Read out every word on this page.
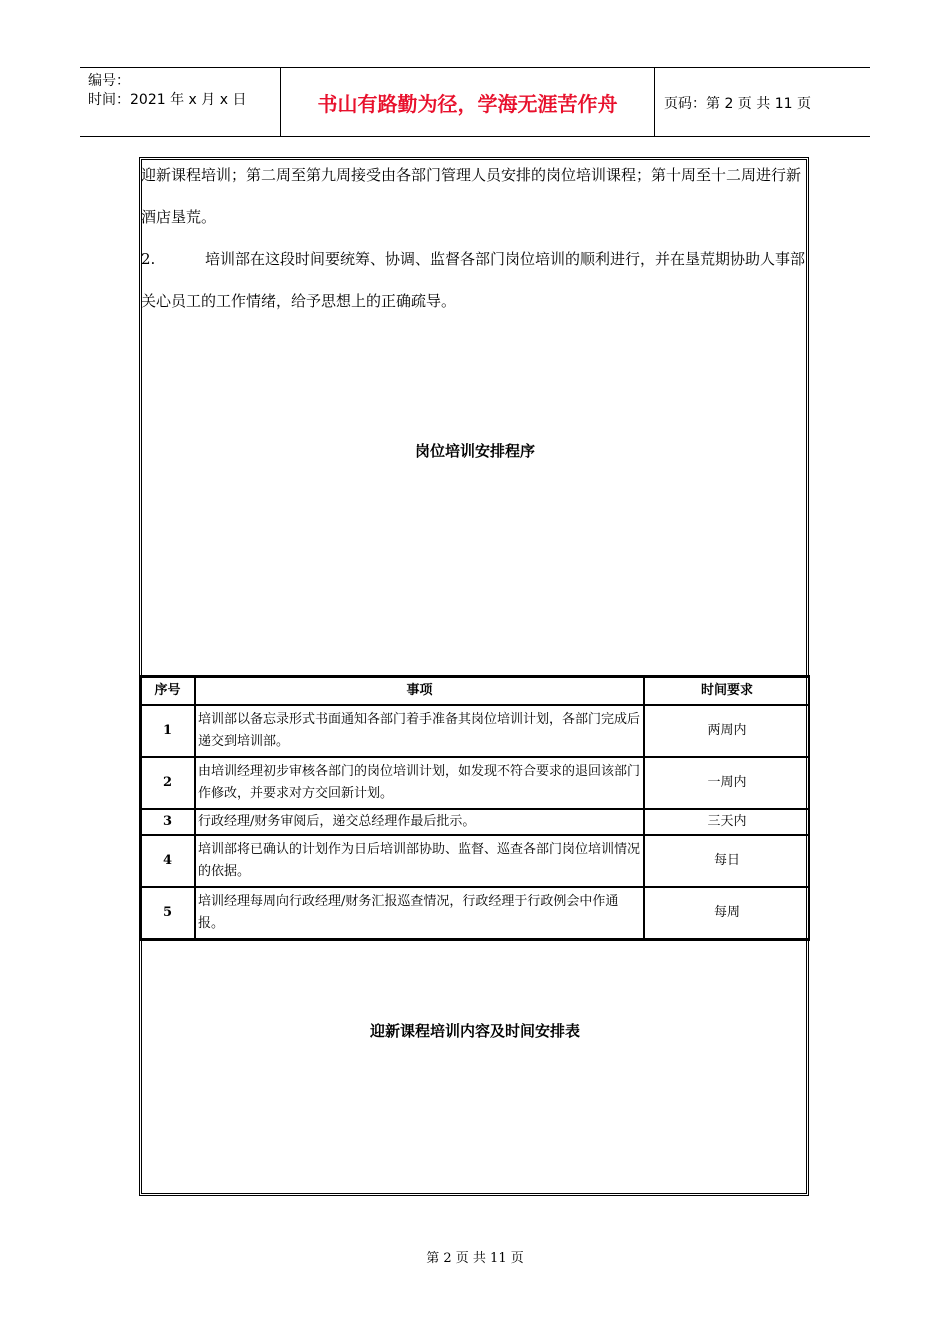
编号：
时间：2021 年 x 月 x 日	书山有路勤为径，学海无涯苦作舟	页码：第 2 页 共 11 页
迎新课程培训；第二周至第九周接受由各部门管理人员安排的岗位培训课程；第十周至十二周进行新酒店垦荒。
2.	培训部在这段时间要统筹、协调、监督各部门岗位培训的顺利进行，并在垦荒期协助人事部关心员工的工作情绪，给予思想上的正确疏导。
岗位培训安排程序
序号	事项	时间要求
1	培训部以备忘录形式书面通知各部门着手准备其岗位培训计划，各部门完成后递交到培训部。	两周内
2	由培训经理初步审核各部门的岗位培训计划，如发现不符合要求的退回该部门作修改，并要求对方交回新计划。	一周内
3	行政经理/财务审阅后，递交总经理作最后批示。	三天内
4	培训部将已确认的计划作为日后培训部协助、监督、巡查各部门岗位培训情况的依据。	每日
5	培训经理每周向行政经理/财务汇报巡查情况，行政经理于行政例会中作通报。	每周
迎新课程培训内容及时间安排表
第 2 页 共 11 页
